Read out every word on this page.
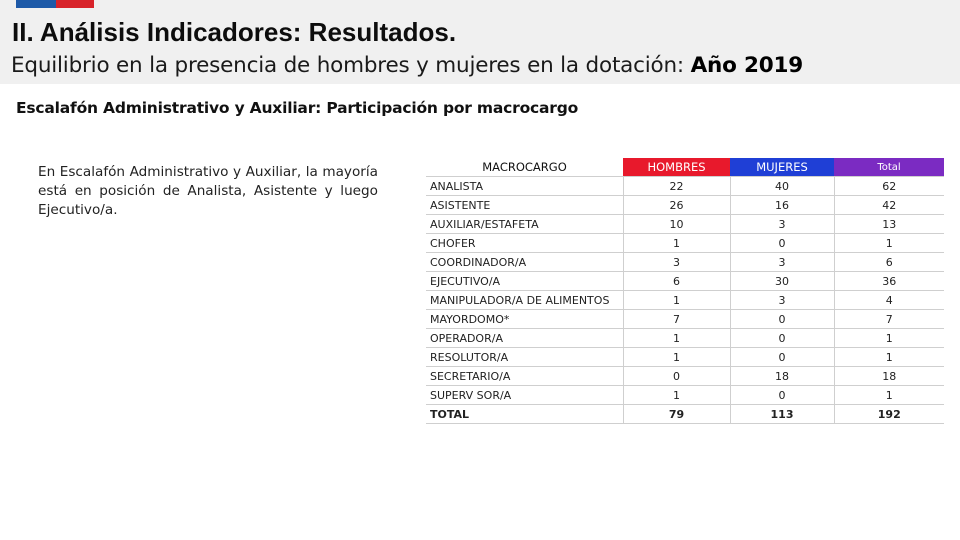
II. Análisis Indicadores: Resultados.
Equilibrio en la presencia de hombres y mujeres en la dotación: Año 2019
Escalafón Administrativo y Auxiliar: Participación por macrocargo
En Escalafón Administrativo y Auxiliar, la mayoría está en posición de Analista, Asistente y luego Ejecutivo/a.
MACROCARGO	HOMBRES	MUJERES	Total
ANALISTA	22	40	62
ASISTENTE	26	16	42
AUXILIAR/ESTAFETA	10	3	13
CHOFER	1	0	1
COORDINADOR/A	3	3	6
EJECUTIVO/A	6	30	36
MANIPULADOR/A DE ALIMENTOS	1	3	4
MAYORDOMO*	7	0	7
OPERADOR/A	1	0	1
RESOLUTOR/A	1	0	1
SECRETARIO/A	0	18	18
SUPERV SOR/A	1	0	1
TOTAL	79	113	192
